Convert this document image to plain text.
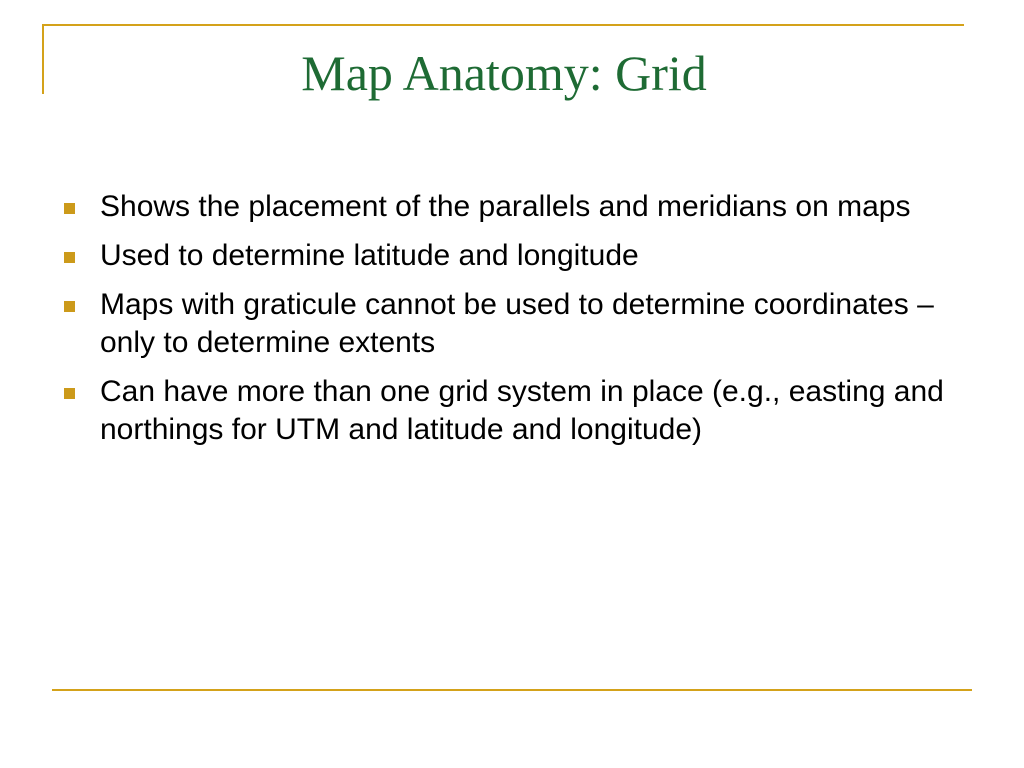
Map Anatomy: Grid
Shows the placement of the parallels and meridians on maps
Used to determine latitude and longitude
Maps with graticule cannot be used to determine coordinates – only to determine extents
Can have more than one grid system in place (e.g., easting and northings for UTM and latitude and longitude)
